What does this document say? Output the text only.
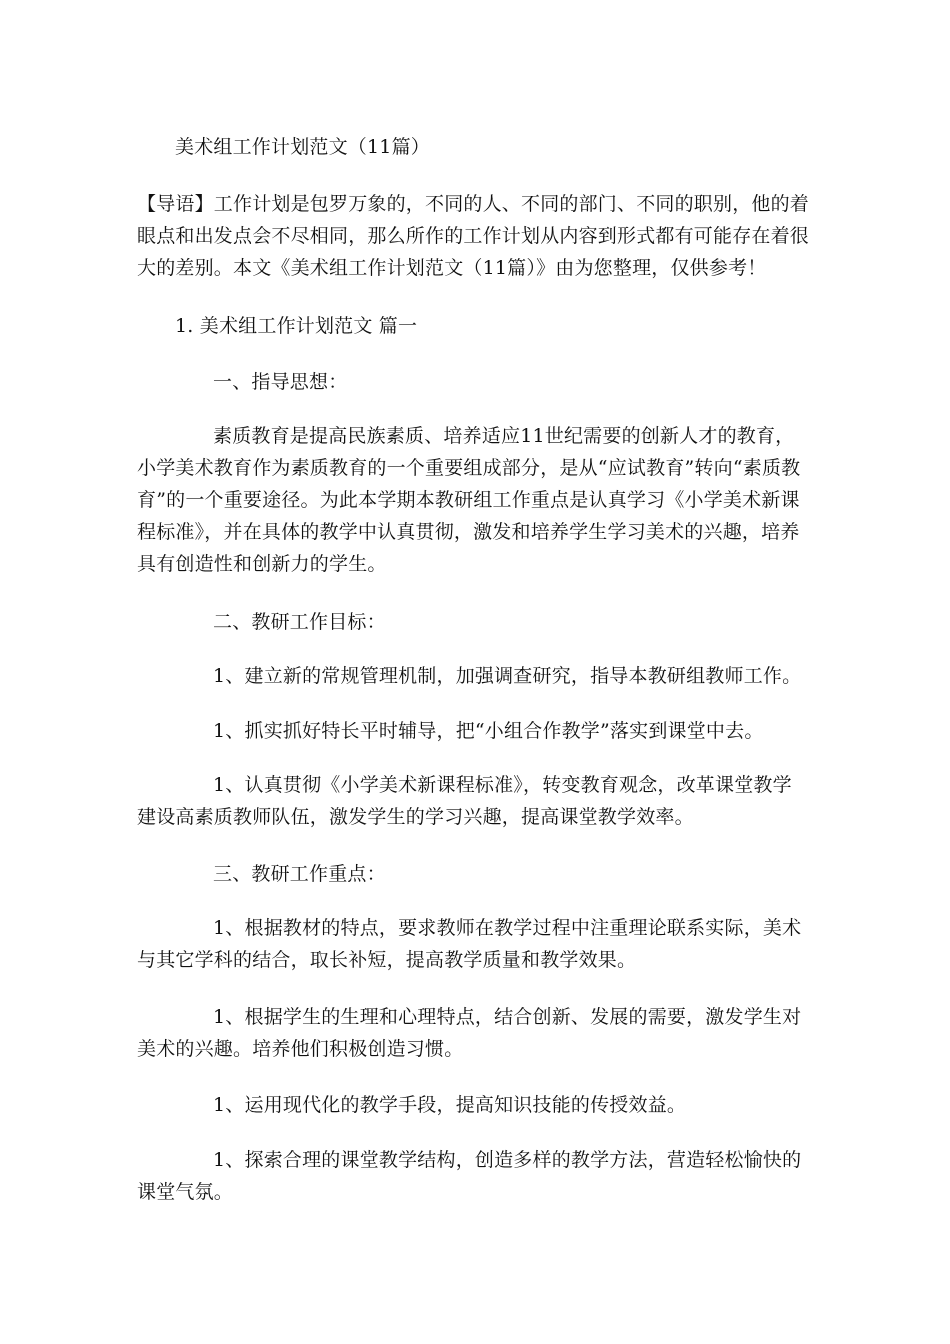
美术组工作计划范文（11篇）

【导语】工作计划是包罗万象的，不同的人、不同的部门、不同的职别，他的着眼点和出发点会不尽相同，那么所作的工作计划从内容到形式都有可能存在着很大的差别。本文《美术组工作计划范文（11篇）》由为您整理，仅供参考！

1. 美术组工作计划范文 篇一

一、指导思想：

素质教育是提高民族素质、培养适应11世纪需要的创新人才的教育，小学美术教育作为素质教育的一个重要组成部分，是从“应试教育”转向“素质教育”的一个重要途径。为此本学期本教研组工作重点是认真学习《小学美术新课程标准》，并在具体的教学中认真贯彻，激发和培养学生学习美术的兴趣，培养具有创造性和创新力的学生。

二、教研工作目标：

1、建立新的常规管理机制，加强调查研究，指导本教研组教师工作。

1、抓实抓好特长平时辅导，把“小组合作教学”落实到课堂中去。

1、认真贯彻《小学美术新课程标准》，转变教育观念，改革课堂教学建设高素质教师队伍，激发学生的学习兴趣，提高课堂教学效率。

三、教研工作重点：

1、根据教材的特点，要求教师在教学过程中注重理论联系实际，美术与其它学科的结合，取长补短，提高教学质量和教学效果。

1、根据学生的生理和心理特点，结合创新、发展的需要，激发学生对美术的兴趣。培养他们积极创造习惯。

1、运用现代化的教学手段，提高知识技能的传授效益。

1、探索合理的课堂教学结构，创造多样的教学方法，营造轻松愉快的课堂气氛。
